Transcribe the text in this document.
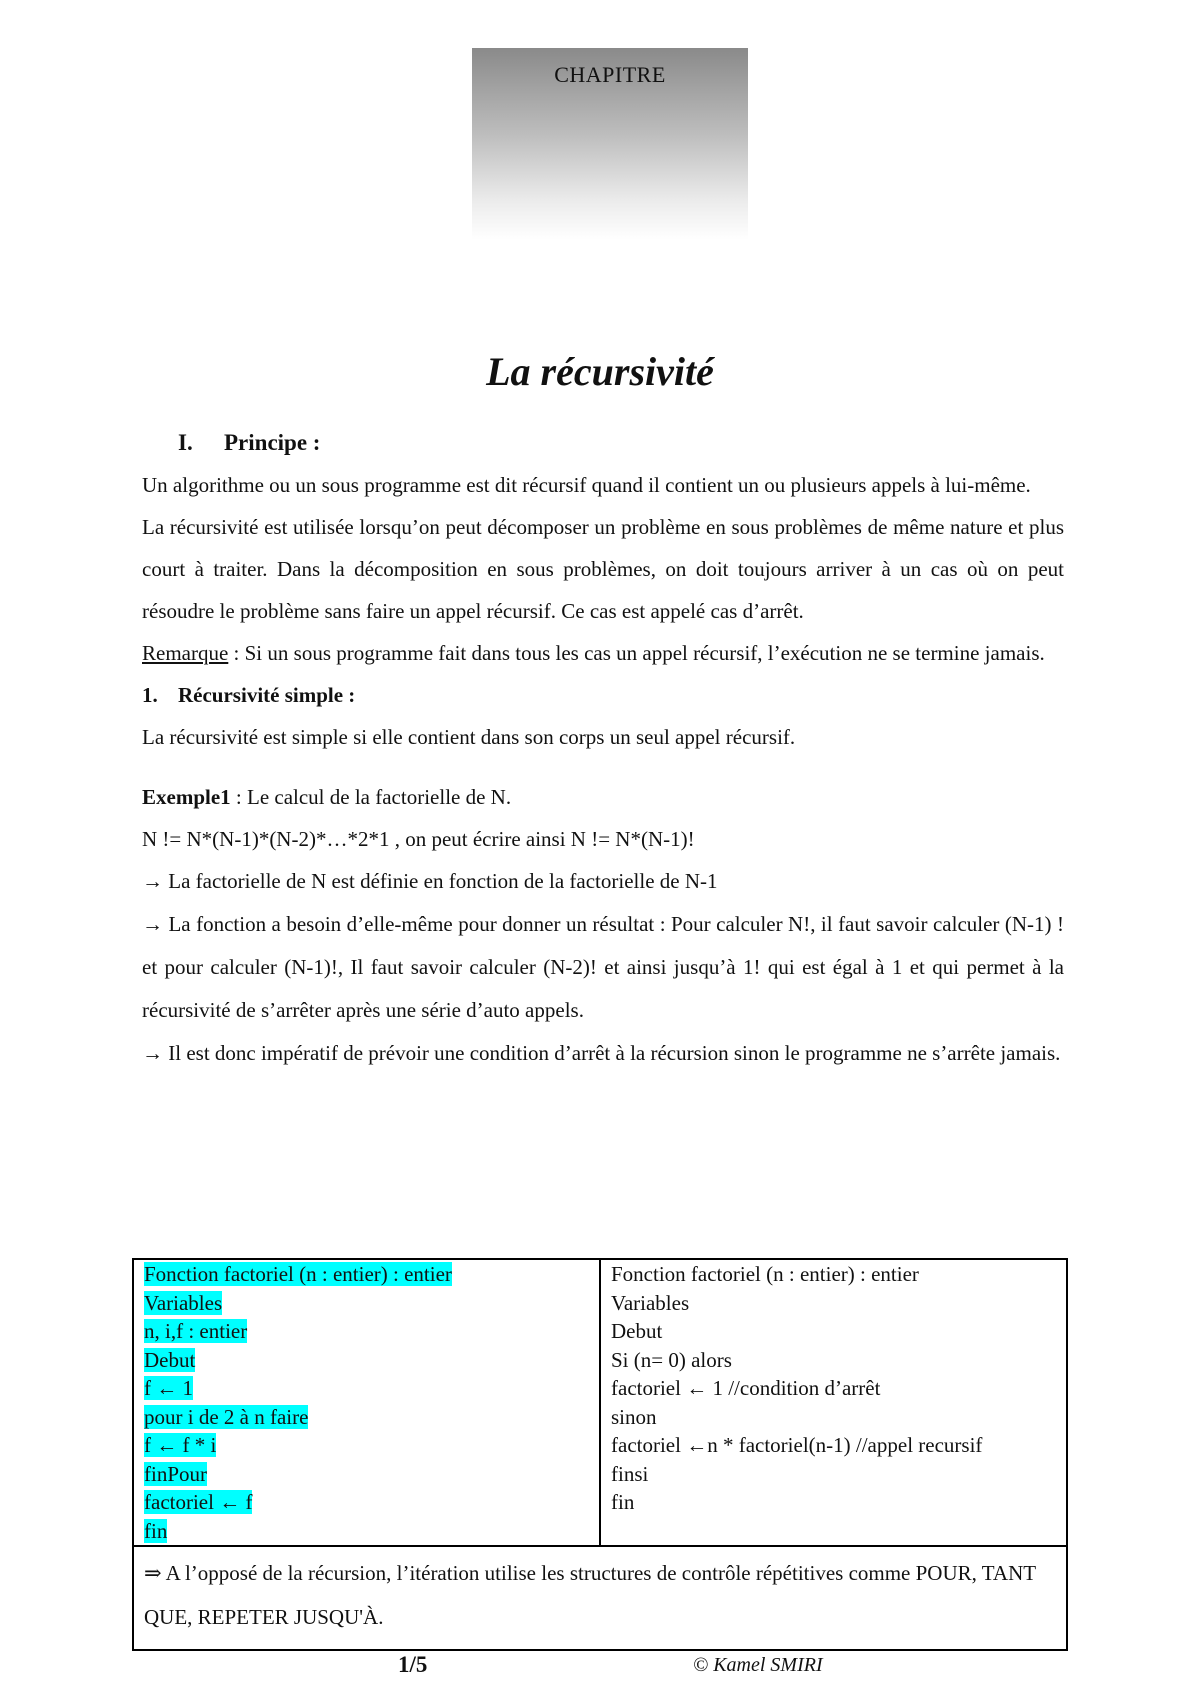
CHAPITRE
La récursivité
I. Principe :

Un algorithme ou un sous programme est dit récursif quand il contient un ou plusieurs appels à lui-même.

La récursivité est utilisée lorsqu’on peut décomposer un problème en sous problèmes de même nature et plus court à traiter. Dans la décomposition en sous problèmes, on doit toujours arriver à un cas où on peut résoudre le problème sans faire un appel récursif. Ce cas est appelé cas d’arrêt.

Remarque : Si un sous programme fait dans tous les cas un appel récursif, l’exécution ne se termine jamais.

1. Récursivité simple :

La récursivité est simple si elle contient dans son corps un seul appel récursif.

Exemple1 : Le calcul de la factorielle de N.

N != N*(N-1)*(N-2)*…*2*1 , on peut écrire ainsi N != N*(N-1)!

→ La factorielle de N est définie en fonction de la factorielle de N-1

→ La fonction a besoin d’elle-même pour donner un résultat : Pour calculer N!, il faut savoir calculer (N-1) ! et pour calculer (N-1)!, Il faut savoir calculer (N-2)! et ainsi jusqu’à 1! qui est égal à 1 et qui permet à la récursivité de s’arrêter après une série d’auto appels.

→ Il est donc impératif de prévoir une condition d’arrêt à la récursion sinon le programme ne s’arrête jamais.

Fonction factoriel (n : entier) : entier
Variables
n, i,f : entier
Debut
f ← 1
pour i de 2 à n faire
f ← f * i
finPour
factoriel ← f
fin

Fonction factoriel (n : entier) : entier
Variables
Debut
Si (n= 0) alors
factoriel ← 1 //condition d’arrêt
sinon
factoriel ←n * factoriel(n-1) //appel recursif
finsi
fin

⇒ A l’opposé de la récursion, l’itération utilise les structures de contrôle répétitives comme POUR, TANT QUE, REPETER JUSQU'À.
1/5	© Kamel SMIRI
